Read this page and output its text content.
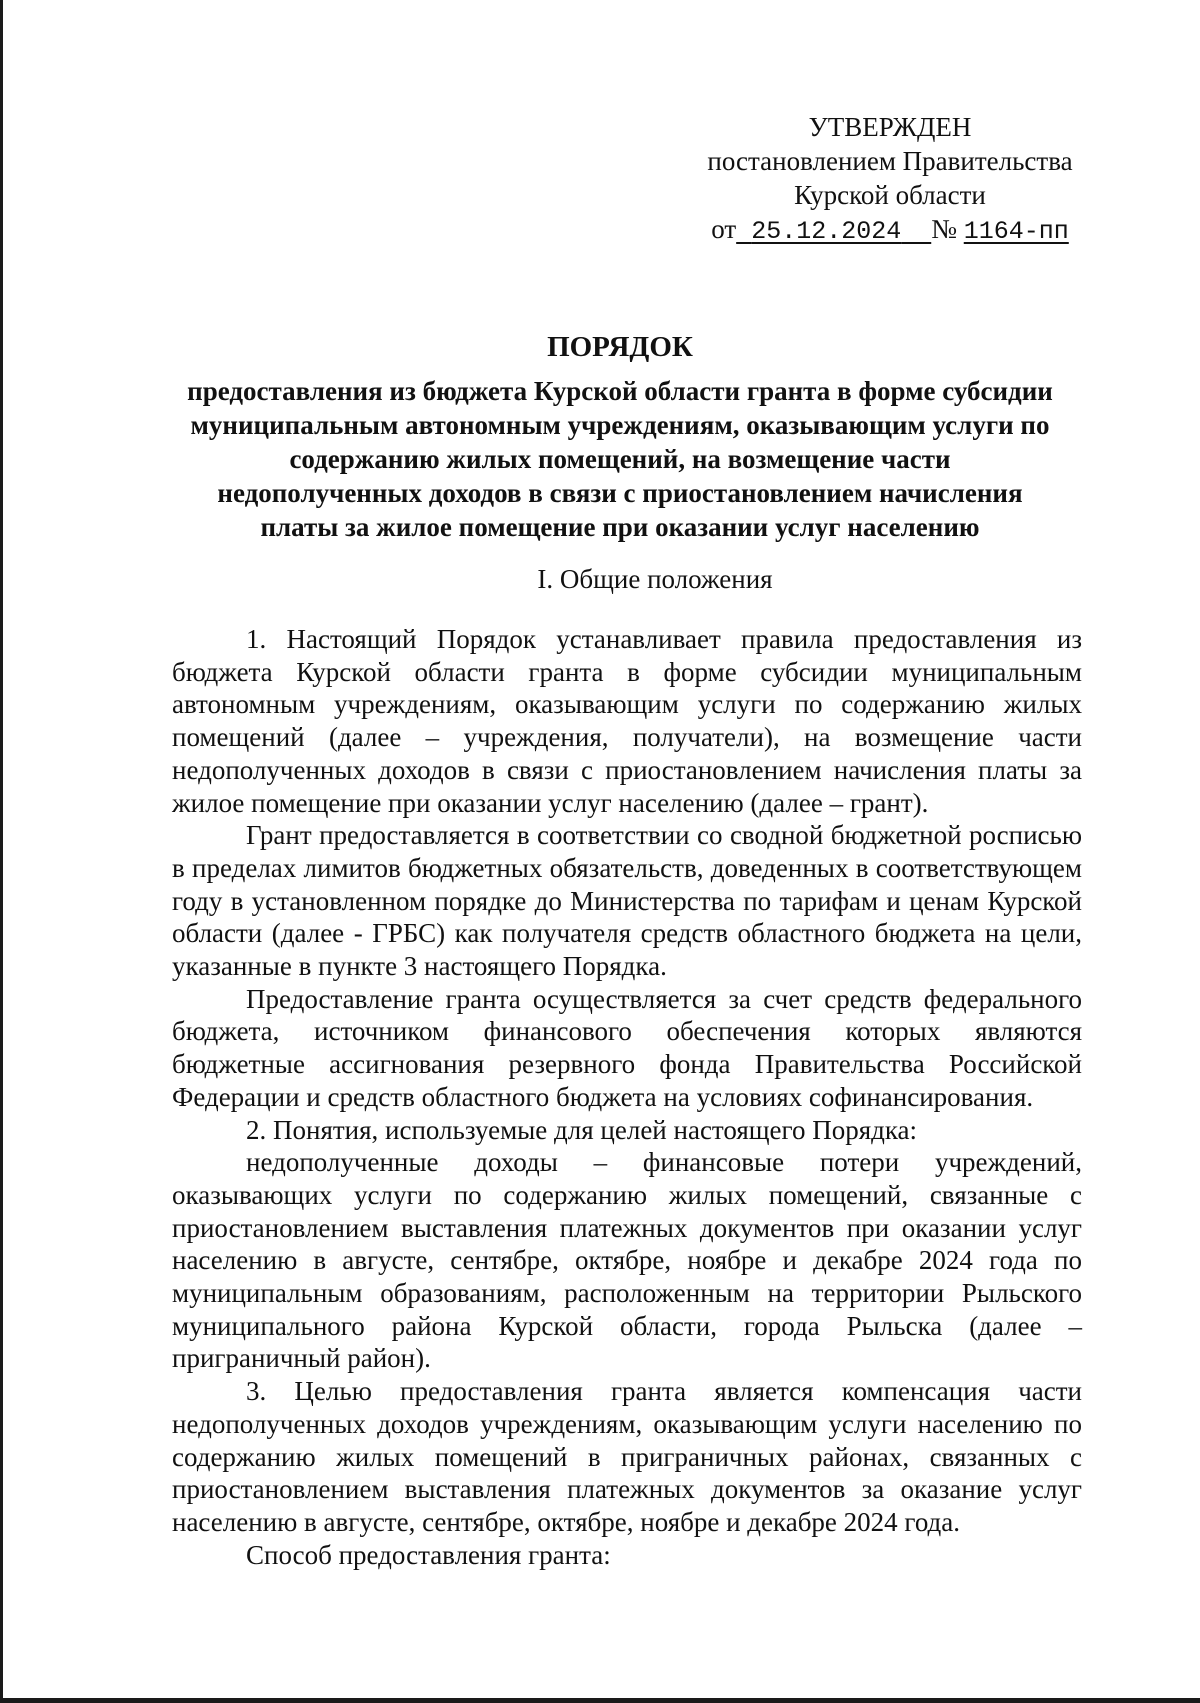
УТВЕРЖДЕН
постановлением Правительства
Курской области
от 25.12.2024 № 1164-пп
ПОРЯДОК
предоставления из бюджета Курской области гранта в форме субсидии
муниципальным автономным учреждениям, оказывающим услуги по
содержанию жилых помещений, на возмещение части
недополученных доходов в связи с приостановлением начисления
платы за жилое помещение при оказании услуг населению
I. Общие положения

1. Настоящий Порядок устанавливает правила предоставления из бюджета Курской области гранта в форме субсидии муниципальным автономным учреждениям, оказывающим услуги по содержанию жилых помещений (далее – учреждения, получатели), на возмещение части недополученных доходов в связи с приостановлением начисления платы за жилое помещение при оказании услуг населению (далее – грант).

Грант предоставляется в соответствии со сводной бюджетной росписью в пределах лимитов бюджетных обязательств, доведенных в соответствующем году в установленном порядке до Министерства по тарифам и ценам Курской области (далее - ГРБС) как получателя средств областного бюджета на цели, указанные в пункте 3 настоящего Порядка.

Предоставление гранта осуществляется за счет средств федерального бюджета, источником финансового обеспечения которых являются бюджетные ассигнования резервного фонда Правительства Российской Федерации и средств областного бюджета на условиях софинансирования.

2. Понятия, используемые для целей настоящего Порядка:

недополученные доходы – финансовые потери учреждений, оказывающих услуги по содержанию жилых помещений, связанные с приостановлением выставления платежных документов при оказании услуг населению в августе, сентябре, октябре, ноябре и декабре 2024 года по муниципальным образованиям, расположенным на территории Рыльского муниципального района Курской области, города Рыльска (далее – приграничный район).

3. Целью предоставления гранта является компенсация части недополученных доходов учреждениям, оказывающим услуги населению по содержанию жилых помещений в приграничных районах, связанных с приостановлением выставления платежных документов за оказание услуг населению в августе, сентябре, октябре, ноябре и декабре 2024 года.

Способ предоставления гранта:
